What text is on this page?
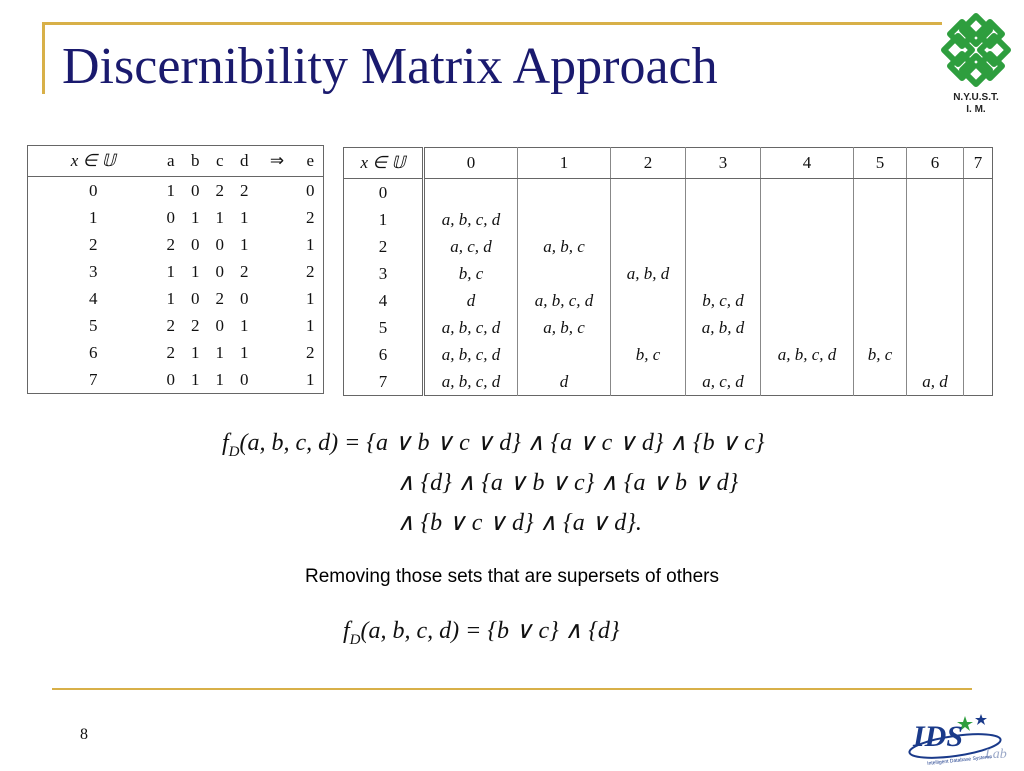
Discernibility Matrix Approach
N.Y.U.S.T.
I. M.
x ∈ 𝕌	a	b	c	d	⇒	e
0	1	0	2	2		0
1	0	1	1	1		2
2	2	0	0	1		1
3	1	1	0	2		2
4	1	0	2	0		1
5	2	2	0	1		1
6	2	1	1	1		2
7	0	1	1	0		1
x ∈ 𝕌	0	1	2	3	4	5	6	7
0								
1	a, b, c, d							
2	a, c, d	a, b, c						
3	b, c		a, b, d					
4	d	a, b, c, d		b, c, d				
5	a, b, c, d	a, b, c		a, b, d				
6	a, b, c, d		b, c		a, b, c, d	b, c		
7	a, b, c, d	d		a, c, d			a, d	
$f_D(a$, b, c, d) = {a ∨ b ∨ c ∨ d} ∧ {a ∨ c ∨ d} ∧ {b ∨ c}
∧ {d} ∧ {a ∨ b ∨ c} ∧ {a ∨ b ∨ d}
∧ {b ∨ c ∨ d} ∧ {a ∨ d}.
Removing those sets that are supersets of others
$f_D(a$, b, c, d) = {b ∨ c} ∧ {d}
8	IDS
Lab
Intelligent Database Systems
